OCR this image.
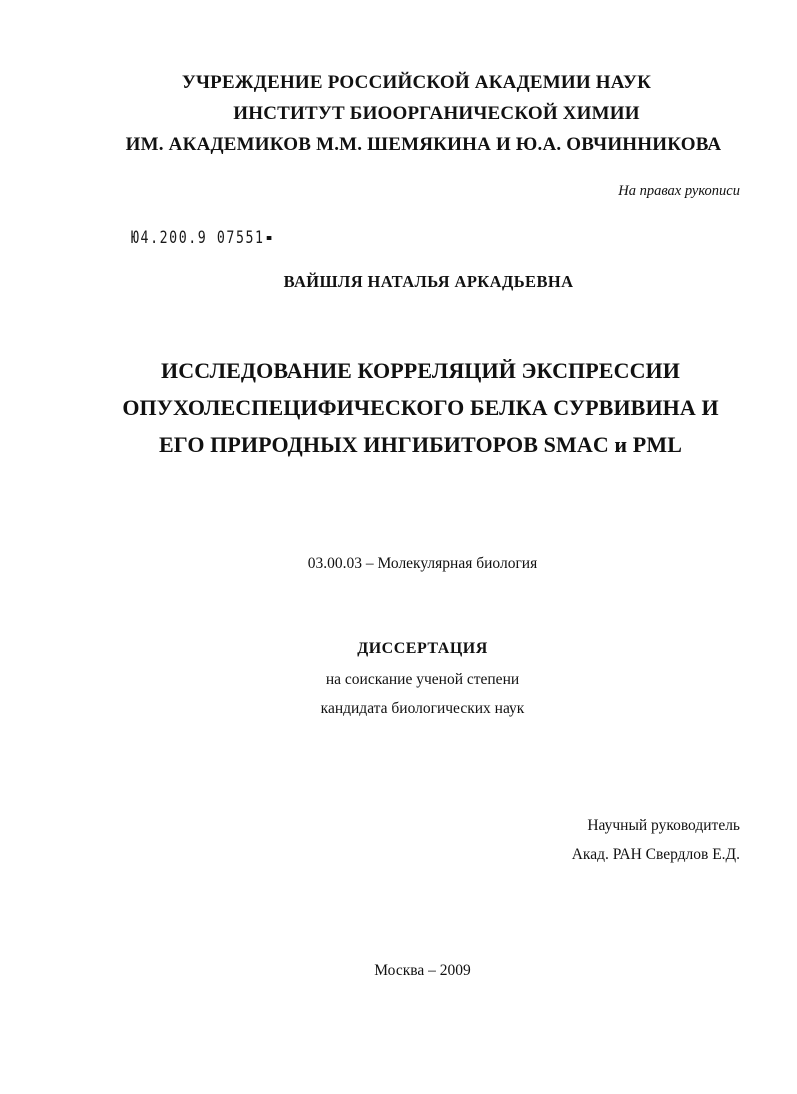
УЧРЕЖДЕНИЕ РОССИЙСКОЙ АКАДЕМИИ НАУК
ИНСТИТУТ БИООРГАНИЧЕСКОЙ ХИМИИ
ИМ. АКАДЕМИКОВ М.М. ШЕМЯКИНА И Ю.А. ОВЧИННИКОВА
На правах рукописи
Ю4.200.9 07551
ВАЙШЛЯ НАТАЛЬЯ АРКАДЬЕВНА
ИССЛЕДОВАНИЕ КОРРЕЛЯЦИЙ ЭКСПРЕССИИ
ОПУХОЛЕСПЕЦИФИЧЕСКОГО БЕЛКА СУРВИВИНА И
ЕГО ПРИРОДНЫХ ИНГИБИТОРОВ SMAC и PML
03.00.03 – Молекулярная биология
ДИССЕРТАЦИЯ
на соискание ученой степени
кандидата биологических наук
Научный руководитель
Акад. РАН Свердлов Е.Д.
Москва – 2009
